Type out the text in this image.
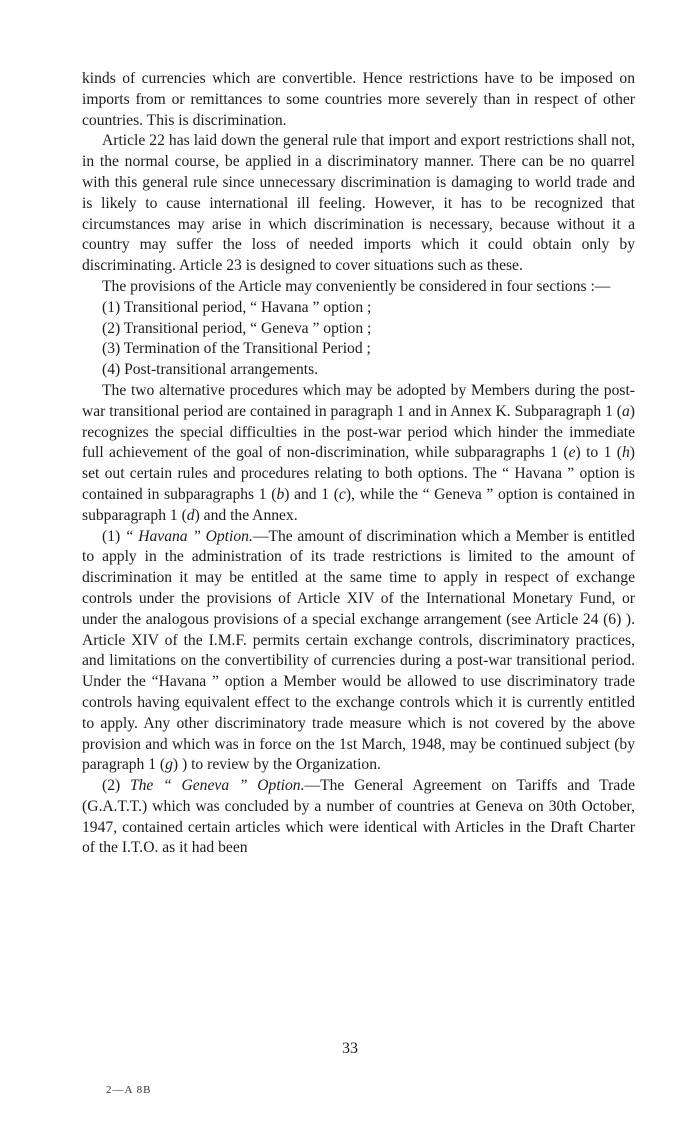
kinds of currencies which are convertible. Hence restrictions have to be imposed on imports from or remittances to some countries more severely than in respect of other countries. This is discrimination.

Article 22 has laid down the general rule that import and export restrictions shall not, in the normal course, be applied in a discriminatory manner. There can be no quarrel with this general rule since unnecessary discrimination is damaging to world trade and is likely to cause international ill feeling. However, it has to be recognized that circumstances may arise in which discrimination is necessary, because without it a country may suffer the loss of needed imports which it could obtain only by discriminating. Article 23 is designed to cover situations such as these.

The provisions of the Article may conveniently be considered in four sections :—

(1) Transitional period, “ Havana ” option ;

(2) Transitional period, “ Geneva ” option ;

(3) Termination of the Transitional Period ;

(4) Post-transitional arrangements.

The two alternative procedures which may be adopted by Members during the post-war transitional period are contained in paragraph 1 and in Annex K. Subparagraph 1 (a) recognizes the special difficulties in the post-war period which hinder the immediate full achievement of the goal of non-discrimination, while subparagraphs 1 (e) to 1 (h) set out certain rules and procedures relating to both options. The “ Havana ” option is contained in subparagraphs 1 (b) and 1 (c), while the “ Geneva ” option is contained in subparagraph 1 (d) and the Annex.

(1) “ Havana ” Option.—The amount of discrimination which a Member is entitled to apply in the administration of its trade restrictions is limited to the amount of discrimination it may be entitled at the same time to apply in respect of exchange controls under the provisions of Article XIV of the International Monetary Fund, or under the analogous provisions of a special exchange arrangement (see Article 24 (6) ). Article XIV of the I.M.F. permits certain exchange controls, discriminatory practices, and limitations on the convertibility of currencies during a post-war transitional period. Under the “Havana ” option a Member would be allowed to use discriminatory trade controls having equivalent effect to the exchange controls which it is currently entitled to apply. Any other discriminatory trade measure which is not covered by the above provision and which was in force on the 1st March, 1948, may be continued subject (by paragraph 1 (g) ) to review by the Organization.

(2) The “ Geneva ” Option.—The General Agreement on Tariffs and Trade (G.A.T.T.) which was concluded by a number of countries at Geneva on 30th October, 1947, contained certain articles which were identical with Articles in the Draft Charter of the I.T.O. as it had been

33
2—A 8B
